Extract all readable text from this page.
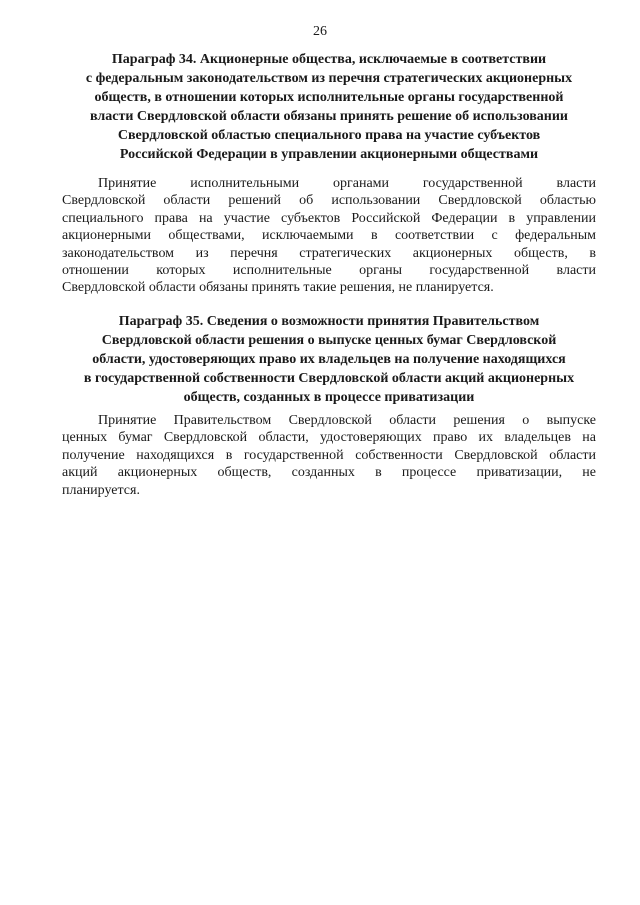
26

Параграф 34. Акционерные общества, исключаемые в соответствии
с федеральным законодательством из перечня стратегических акционерных
обществ, в отношении которых исполнительные органы государственной
власти Свердловской области обязаны принять решение об использовании
Свердловской областью специального права на участие субъектов
Российской Федерации в управлении акционерными обществами

Принятие исполнительными органами государственной власти
Свердловской области решений об использовании Свердловской областью
специального права на участие субъектов Российской Федерации в управлении
акционерными обществами, исключаемыми в соответствии с федеральным
законодательством из перечня стратегических акционерных обществ, в
отношении которых исполнительные органы государственной власти
Свердловской области обязаны принять такие решения, не планируется.

Параграф 35. Сведения о возможности принятия Правительством
Свердловской области решения о выпуске ценных бумаг Свердловской
области, удостоверяющих право их владельцев на получение находящихся
в государственной собственности Свердловской области акций акционерных
обществ, созданных в процессе приватизации

Принятие Правительством Свердловской области решения о выпуске
ценных бумаг Свердловской области, удостоверяющих право их владельцев на
получение находящихся в государственной собственности Свердловской области
акций акционерных обществ, созданных в процессе приватизации, не
планируется.
